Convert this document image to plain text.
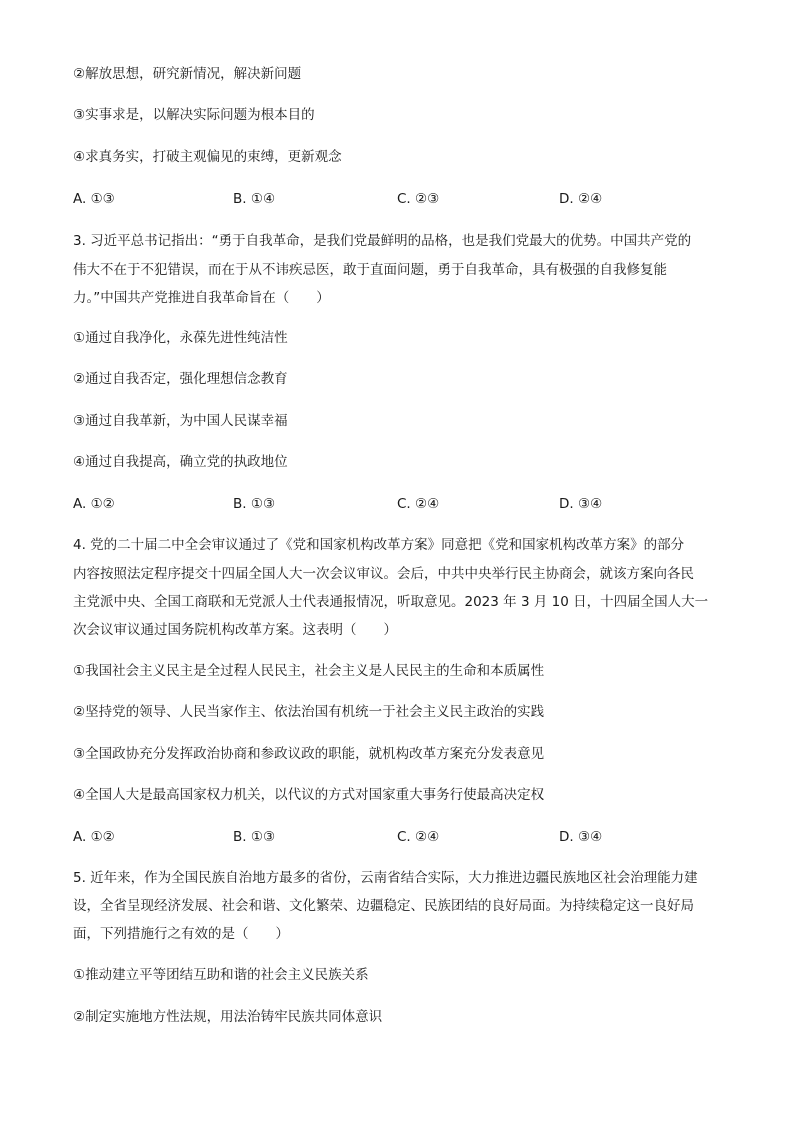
②解放思想，研究新情况，解决新问题
③实事求是，以解决实际问题为根本目的
④求真务实，打破主观偏见的束缚，更新观念
A. ①③	B. ①④	C. ②③	D. ②④
3. 习近平总书记指出：“勇于自我革命，是我们党最鲜明的品格，也是我们党最大的优势。中国共产党的
伟大不在于不犯错误，而在于从不讳疾忌医，敢于直面问题，勇于自我革命，具有极强的自我修复能
力。”中国共产党推进自我革命旨在（　　）
①通过自我净化，永葆先进性纯洁性
②通过自我否定，强化理想信念教育
③通过自我革新，为中国人民谋幸福
④通过自我提高，确立党的执政地位
A. ①②	B. ①③	C. ②④	D. ③④
4. 党的二十届二中全会审议通过了《党和国家机构改革方案》同意把《党和国家机构改革方案》的部分
内容按照法定程序提交十四届全国人大一次会议审议。会后，中共中央举行民主协商会，就该方案向各民
主党派中央、全国工商联和无党派人士代表通报情况，听取意见。2023 年 3 月 10 日，十四届全国人大一
次会议审议通过国务院机构改革方案。这表明（　　）
①我国社会主义民主是全过程人民民主，社会主义是人民民主的生命和本质属性
②坚持党的领导、人民当家作主、依法治国有机统一于社会主义民主政治的实践
③全国政协充分发挥政治协商和参政议政的职能，就机构改革方案充分发表意见
④全国人大是最高国家权力机关，以代议的方式对国家重大事务行使最高决定权
A. ①②	B. ①③	C. ②④	D. ③④
5. 近年来，作为全国民族自治地方最多的省份，云南省结合实际，大力推进边疆民族地区社会治理能力建
设，全省呈现经济发展、社会和谐、文化繁荣、边疆稳定、民族团结的良好局面。为持续稳定这一良好局
面，下列措施行之有效的是（　　）
①推动建立平等团结互助和谐的社会主义民族关系
②制定实施地方性法规，用法治铸牢民族共同体意识
